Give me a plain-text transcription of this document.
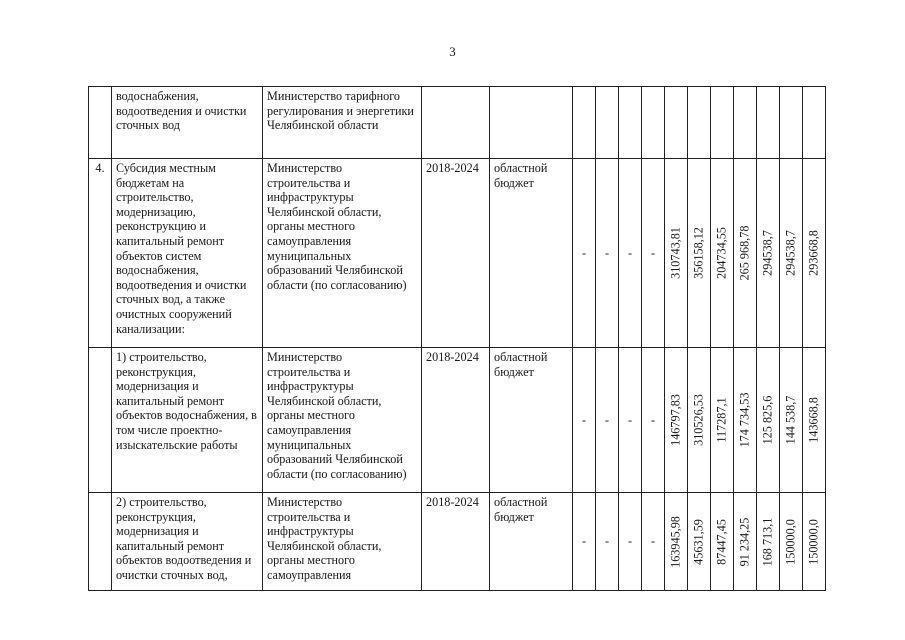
3
	водоснабжения, водоотведения и очистки сточных вод	Министерство тарифного регулирования и энергетики Челябинской области							

4.	Субсидия местным бюджетам на строительство, модернизацию, реконструкцию и капитальный ремонт объектов систем водоснабжения, водоотведения и очистки сточных вод, а также очистных сооружений канализации:	Министерство строительства и инфраструктуры Челябинской области, органы местного самоуправления муниципальных образований Челябинской области (по согласованию)	2018-2024	областной бюджет	-	-	-	-	310743,81	356158,12	204734,55	265 968,78	294538,7	294538,7	293668,8

	1) строительство, реконструкция, модернизация и капитальный ремонт объектов водоснабжения, в том числе проектно-изыскательские работы	Министерство строительства и инфраструктуры Челябинской области, органы местного самоуправления муниципальных образований Челябинской области (по согласованию)	2018-2024	областной бюджет	-	-	-	-	146797,83	310526,53	117287,1	174 734,53	125 825,6	144 538,7	143668,8

	2) строительство, реконструкция, модернизация и капитальный ремонт объектов водоотведения и очистки сточных вод,	Министерство строительства и инфраструктуры Челябинской области, органы местного самоуправления	2018-2024	областной бюджет	-	-	-	-	163945,98	45631,59	87447,45	91 234,25	168 713,1	150000,0	150000,0
